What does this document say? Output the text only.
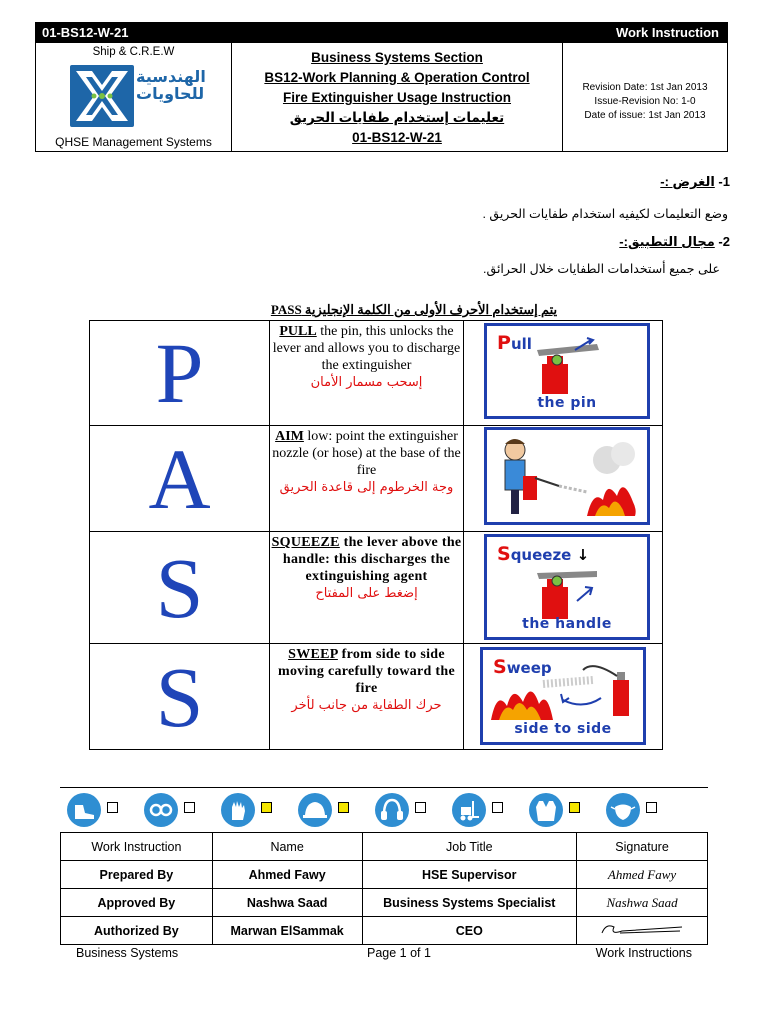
01-BS12-W-21	Work Instruction
Ship & C.R.E.W
الهندسية
للحاويات
QHSE Management Systems
Business Systems Section
BS12-Work Planning & Operation Control
Fire Extinguisher Usage Instruction
تعليمات إستخدام طفايات الحريق
01-BS12-W-21
Revision Date: 1st Jan 2013
Issue-Revision No: 1-0
Date of issue: 1st Jan 2013
1- الغرض :-
وضع التعليمات لكيفيه استخدام طفايات الحريق .
2- مجال التطبيق:-
على جميع أستخدامات الطفايات خلال الحرائق.
يتم إستخدام الأحرف الأولى من الكلمة الإنجليزية PASS
P	PULL the pin, this unlocks the lever and allows you to discharge the extinguisher
إسحب مسمار الأمان
Pull
the pin
A	AIM low: point the extinguisher nozzle (or hose) at the base of the fire
وجة الخرطوم إلى قاعدة الحريق
S	SQUEEZE the lever above the handle: this discharges the extinguishing agent
إضغط على المفتاح
Squeeze ↓
the handle
S	SWEEP from side to side moving carefully toward the fire
حرك الطفاية من جانب لأخر
Sweep
side to side
Work Instruction	Name	Job Title	Signature
Prepared By	Ahmed Fawy	HSE Supervisor	Ahmed Fawy
Approved By	Nashwa Saad	Business Systems Specialist	Nashwa Saad
Authorized By	Marwan ElSammak	CEO	
Business Systems	Page 1 of 1	Work Instructions
